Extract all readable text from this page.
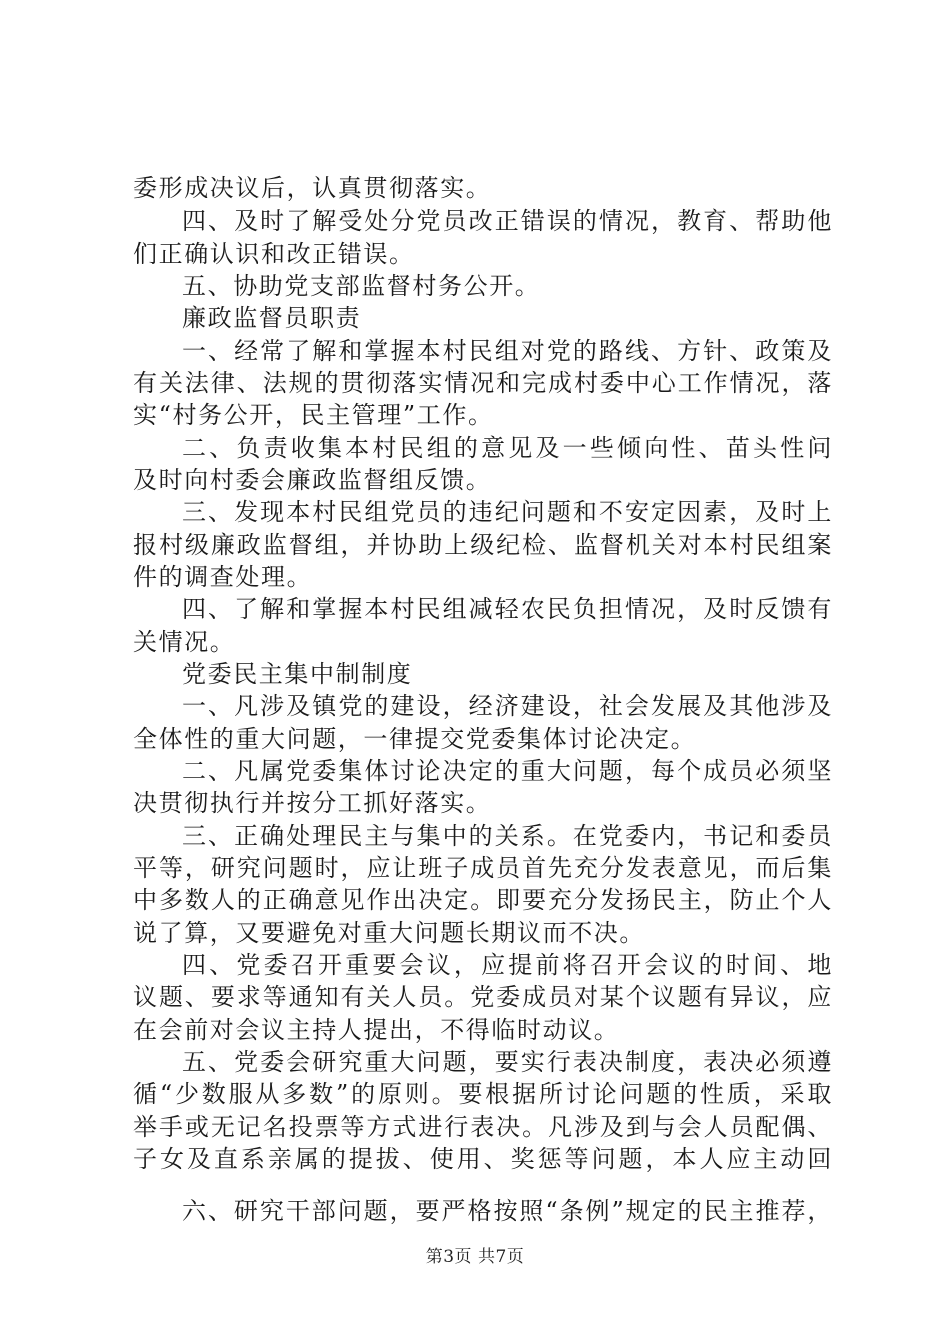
委形成决议后，认真贯彻落实。
四、及时了解受处分党员改正错误的情况，教育、帮助他
们正确认识和改正错误。
五、协助党支部监督村务公开。
廉政监督员职责
一、经常了解和掌握本村民组对党的路线、方针、政策及
有关法律、法规的贯彻落实情况和完成村委中心工作情况，落
实“村务公开，民主管理”工作。
二、负责收集本村民组的意见及一些倾向性、苗头性问
及时向村委会廉政监督组反馈。
三、发现本村民组党员的违纪问题和不安定因素，及时上
报村级廉政监督组，并协助上级纪检、监督机关对本村民组案
件的调查处理。
四、了解和掌握本村民组减轻农民负担情况，及时反馈有
关情况。
党委民主集中制制度
一、凡涉及镇党的建设，经济建设，社会发展及其他涉及
全体性的重大问题，一律提交党委集体讨论决定。
二、凡属党委集体讨论决定的重大问题，每个成员必须坚
决贯彻执行并按分工抓好落实。
三、正确处理民主与集中的关系。在党委内，书记和委员
平等，研究问题时，应让班子成员首先充分发表意见，而后集
中多数人的正确意见作出决定。即要充分发扬民主，防止个人
说了算，又要避免对重大问题长期议而不决。
四、党委召开重要会议，应提前将召开会议的时间、地
议题、要求等通知有关人员。党委成员对某个议题有异议，应
在会前对会议主持人提出，不得临时动议。
五、党委会研究重大问题，要实行表决制度，表决必须遵
循“少数服从多数”的原则。要根据所讨论问题的性质，采取
举手或无记名投票等方式进行表决。凡涉及到与会人员配偶、
子女及直系亲属的提拔、使用、奖惩等问题，本人应主动回
六、研究干部问题，要严格按照“条例”规定的民主推荐，
第3页 共7页
